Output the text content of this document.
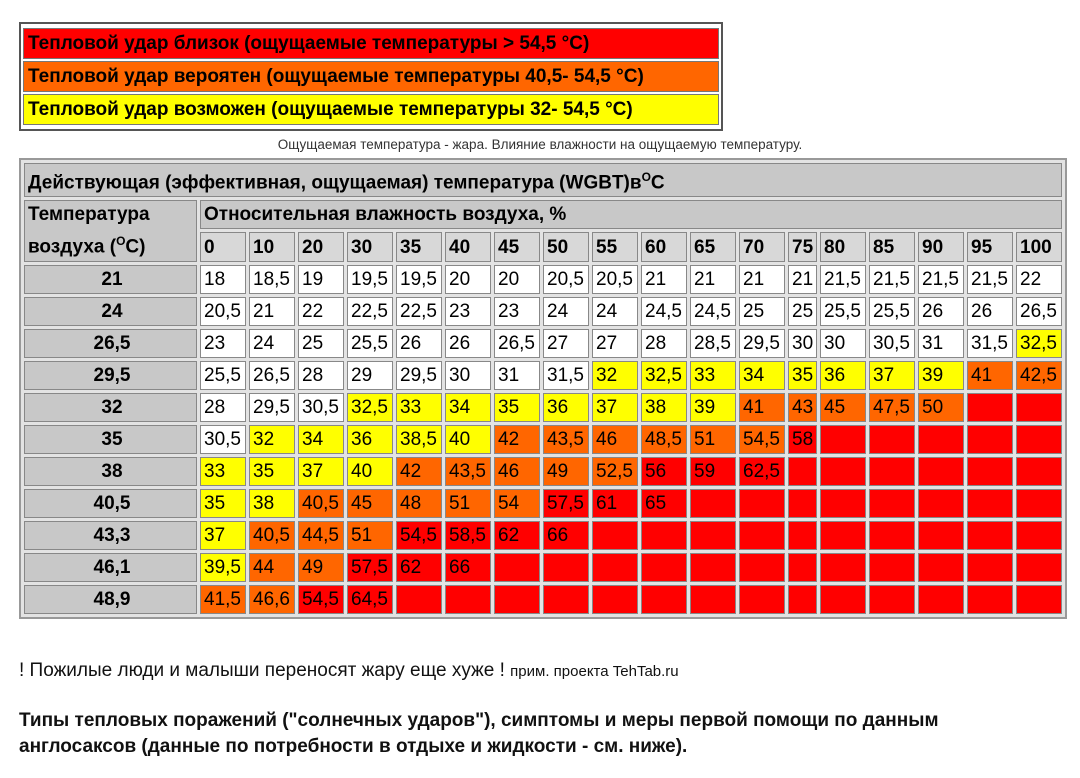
Тепловой удар близок (ощущаемые температуры > 54,5 °C)
Тепловой удар вероятен (ощущаемые температуры 40,5- 54,5 °C)
Тепловой удар возможен (ощущаемые температуры 32- 54,5 °C)
Ощущаемая температура - жара. Влияние влажности на ощущаемую температуру.
Действующая (эффективная, ощущаемая) температура $(WGBT)в^OC$																		
Температура
воздуха ($^O$C)	Относительная влажность воздуха, %																	
	0	10	20	30	35	40	45	50	55	60	65	70	75	80	85	90	95	100
21	18	18,5	19	19,5	19,5	20	20	20,5	20,5	21	21	21	21	21,5	21,5	21,5	21,5	22
24	20,5	21	22	22,5	22,5	23	23	24	24	24,5	24,5	25	25	25,5	25,5	26	26	26,5
26,5	23	24	25	25,5	26	26	26,5	27	27	28	28,5	29,5	30	30	30,5	31	31,5	32,5
29,5	25,5	26,5	28	29	29,5	30	31	31,5	32	32,5	33	34	35	36	37	39	41	42,5
32	28	29,5	30,5	32,5	33	34	35	36	37	38	39	41	43	45	47,5	50		
35	30,5	32	34	36	38,5	40	42	43,5	46	48,5	51	54,5	58					
38	33	35	37	40	42	43,5	46	49	52,5	56	59	62,5						
40,5	35	38	40,5	45	48	51	54	57,5	61	65								
43,3	37	40,5	44,5	51	54,5	58,5	62	66										
46,1	39,5	44	49	57,5	62	66												
48,9	41,5	46,6	54,5	64,5														
! Пожилые люди и малыши переносят жару еще хуже ! прим. проекта TehTab.ru
Типы тепловых поражений ("солнечных ударов"), симптомы и меры первой помощи по данным англосаксов (данные по потребности в отдыхе и жидкости - см. ниже).
